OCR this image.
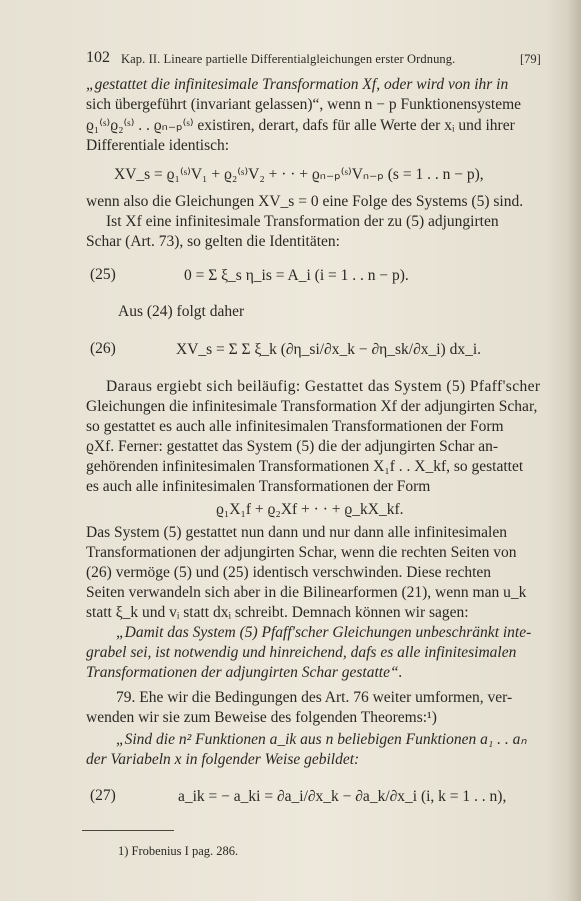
102 Kap. II. Lineare partielle Differentialgleichungen erster Ordnung.	[79]
„gestattet die infinitesimale Transformation Xf, oder wird von ihr in
sich übergeführt (invariant gelassen)“, wenn n − p Funktionensysteme
ϱ₁⁽ˢ⁾ϱ₂⁽ˢ⁾ . . ϱₙ₋ₚ⁽ˢ⁾ existiren, derart, dafs für alle Werte der xᵢ und ihrer
Differentiale identisch:
XV_s = ϱ₁⁽ˢ⁾V₁ + ϱ₂⁽ˢ⁾V₂ + · · + ϱₙ₋ₚ⁽ˢ⁾Vₙ₋ₚ (s = 1 . . n − p),
wenn also die Gleichungen XV_s = 0 eine Folge des Systems (5) sind.
Ist Xf eine infinitesimale Transformation der zu (5) adjungirten
Schar (Art. 73), so gelten die Identitäten:
(25)	0 = Σ ξ_s η_is = A_i (i = 1 . . n − p).
Aus (24) folgt daher
(26)	XV_s = Σ Σ ξ_k (∂η_si/∂x_k − ∂η_sk/∂x_i) dx_i.
Daraus ergiebt sich beiläufig: Gestattet das System (5) Pfaff'scher
Gleichungen die infinitesimale Transformation Xf der adjungirten Schar,
so gestattet es auch alle infinitesimalen Transformationen der Form
ϱXf. Ferner: gestattet das System (5) die der adjungirten Schar an-
gehörenden infinitesimalen Transformationen X₁f . . X_kf, so gestattet
es auch alle infinitesimalen Transformationen der Form
ϱ₁X₁f + ϱ₂Xf + · · + ϱ_kX_kf.
Das System (5) gestattet nun dann und nur dann alle infinitesimalen
Transformationen der adjungirten Schar, wenn die rechten Seiten von
(26) vermöge (5) und (25) identisch verschwinden. Diese rechten
Seiten verwandeln sich aber in die Bilinearformen (21), wenn man u_k
statt ξ_k und vᵢ statt dxᵢ schreibt. Demnach können wir sagen:
„Damit das System (5) Pfaff'scher Gleichungen unbeschränkt inte-
grabel sei, ist notwendig und hinreichend, dafs es alle infinitesimalen
Transformationen der adjungirten Schar gestatte“.
79. Ehe wir die Bedingungen des Art. 76 weiter umformen, ver-
wenden wir sie zum Beweise des folgenden Theorems:¹)
„Sind die n² Funktionen a_ik aus n beliebigen Funktionen a₁ . . aₙ
der Variabeln x in folgender Weise gebildet:
(27)	a_ik = − a_ki = ∂a_i/∂x_k − ∂a_k/∂x_i (i, k = 1 . . n),
1) Frobenius I pag. 286.
